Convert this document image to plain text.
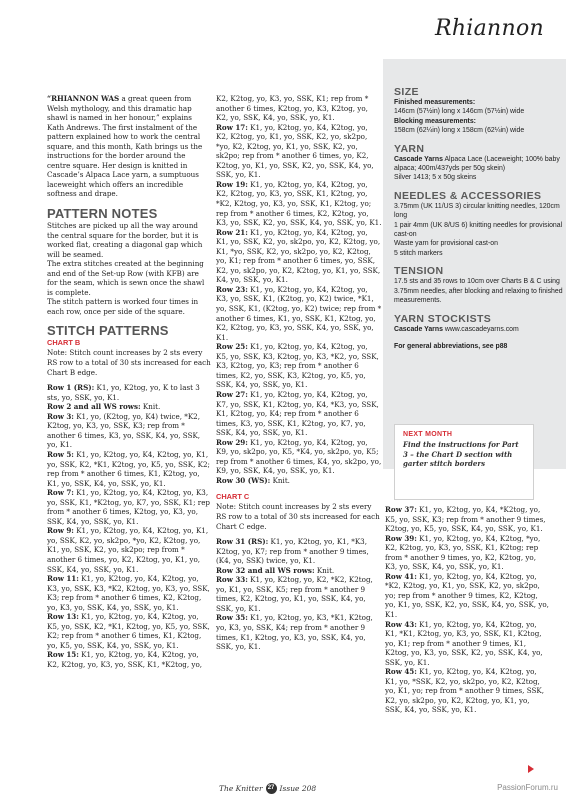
Rhiannon

“RHIANNON WAS a great queen from Welsh mythology, and this dramatic hap shawl is named in her honour,” explains Kath Andrews. The first instalment of the pattern explained how to work the central square, and this month, Kath brings us the instructions for the border around the centre square. Her design is knitted in Cascade’s Alpaca Lace yarn, a sumptuous laceweight which offers an incredible softness and drape.

PATTERN NOTES

Stitches are picked up all the way around the central square for the border, but it is worked flat, creating a diagonal gap which will be seamed.

The extra stitches created at the beginning and end of the Set-up Row (with KFB) are for the seam, which is sewn once the shawl is complete.

The stitch pattern is worked four times in each row, once per side of the square.

STITCH PATTERNS
CHART B

Note: Stitch count increases by 2 sts every RS row to a total of 30 sts increased for each Chart B edge.

Row 1 (RS): K1, yo, K2tog, yo, K to last 3 sts, yo, SSK, yo, K1.

Row 2 and all WS rows: Knit.

Row 3: K1, yo, (K2tog, yo, K4) twice, *K2, K2tog, yo, K3, yo, SSK, K3; rep from * another 6 times, K3, yo, SSK, K4, yo, SSK, yo, K1.

Row 5: K1, yo, K2tog, yo, K4, K2tog, yo, K1, yo, SSK, K2, *K1, K2tog, yo, K5, yo, SSK, K2; rep from * another 6 times, K1, K2tog, yo, K1, yo, SSK, K4, yo, SSK, yo, K1.

Row 7: K1, yo, K2tog, yo, K4, K2tog, yo, K3, yo, SSK, K1, *K2tog, yo, K7, yo, SSK, K1; rep from * another 6 times, K2tog, yo, K3, yo, SSK, K4, yo, SSK, yo, K1.

Row 9: K1, yo, K2tog, yo, K4, K2tog, yo, K1, yo, SSK, K2, yo, sk2po, *yo, K2, K2tog, yo, K1, yo, SSK, K2, yo, sk2po; rep from * another 6 times, yo, K2, K2tog, yo, K1, yo, SSK, K4, yo, SSK, yo, K1.

Row 11: K1, yo, K2tog, yo, K4, K2tog, yo, K3, yo, SSK, K3, *K2, K2tog, yo, K3, yo, SSK, K3; rep from * another 6 times, K2, K2tog, yo, K3, yo, SSK, K4, yo, SSK, yo, K1.

Row 13: K1, yo, K2tog, yo, K4, K2tog, yo, K5, yo, SSK, K2, *K1, K2tog, yo, K5, yo, SSK, K2; rep from * another 6 times, K1, K2tog, yo, K5, yo, SSK, K4, yo, SSK, yo, K1.

Row 15: K1, yo, K2tog, yo, K4, K2tog, yo, K2, K2tog, yo, K3, yo, SSK, K1, *K2tog, yo,

K2, K2tog, yo, K3, yo, SSK, K1; rep from * another 6 times, K2tog, yo, K3, K2tog, yo, K2, yo, SSK, K4, yo, SSK, yo, K1.

Row 17: K1, yo, K2tog, yo, K4, K2tog, yo, K2, K2tog, yo, K1, yo, SSK, K2, yo, sk2po, *yo, K2, K2tog, yo, K1, yo, SSK, K2, yo, sk2po; rep from * another 6 times, yo, K2, K2tog, yo, K1, yo, SSK, K2, yo, SSK, K4, yo, SSK, yo, K1.

Row 19: K1, yo, K2tog, yo, K4, K2tog, yo, K2, K2tog, yo, K3, yo, SSK, K1, K2tog, yo, *K2, K2tog, yo, K3, yo, SSK, K1, K2tog, yo; rep from * another 6 times, K2, K2tog, yo, K3, yo, SSK, K2, yo, SSK, K4, yo, SSK, yo, K1.

Row 21: K1, yo, K2tog, yo, K4, K2tog, yo, K1, yo, SSK, K2, yo, sk2po, yo, K2, K2tog, yo, K1, *yo, SSK, K2, yo, sk2po, yo, K2, K2tog, yo, K1; rep from * another 6 times, yo, SSK, K2, yo, sk2po, yo, K2, K2tog, yo, K1, yo, SSK, K4, yo, SSK, yo, K1.

Row 23: K1, yo, K2tog, yo, K4, K2tog, yo, K3, yo, SSK, K1, (K2tog, yo, K2) twice, *K1, yo, SSK, K1, (K2tog, yo, K2) twice; rep from * another 6 times, K1, yo, SSK, K1, K2tog, yo, K2, K2tog, yo, K3, yo, SSK, K4, yo, SSK, yo, K1.

Row 25: K1, yo, K2tog, yo, K4, K2tog, yo, K5, yo, SSK, K3, K2tog, yo, K3, *K2, yo, SSK, K3, K2tog, yo, K3; rep from * another 6 times, K2, yo, SSK, K3, K2tog, yo, K5, yo, SSK, K4, yo, SSK, yo, K1.

Row 27: K1, yo, K2tog, yo, K4, K2tog, yo, K7, yo, SSK, K1, K2tog, yo, K4, *K3, yo, SSK, K1, K2tog, yo, K4; rep from * another 6 times, K3, yo, SSK, K1, K2tog, yo, K7, yo, SSK, K4, yo, SSK, yo, K1.

Row 29: K1, yo, K2tog, yo, K4, K2tog, yo, K9, yo, sk2po, yo, K5, *K4, yo, sk2po, yo, K5; rep from * another 6 times, K4, yo, sk2po, yo, K9, yo, SSK, K4, yo, SSK, yo, K1.

Row 30 (WS): Knit.

CHART C

Note: Stitch count increases by 2 sts every RS row to a total of 30 sts increased for each Chart C edge.

Row 31 (RS): K1, yo, K2tog, yo, K1, *K3, K2tog, yo, K7; rep from * another 9 times, (K4, yo, SSK) twice, yo, K1.

Row 32 and all WS rows: Knit.

Row 33: K1, yo, K2tog, yo, K2, *K2, K2tog, yo, K1, yo, SSK, K5; rep from * another 9 times, K2, K2tog, yo, K1, yo, SSK, K4, yo, SSK, yo, K1.

Row 35: K1, yo, K2tog, yo, K3, *K1, K2tog, yo, K3, yo, SSK, K4; rep from * another 9 times, K1, K2tog, yo, K3, yo, SSK, K4, yo, SSK, yo, K1.

SIZE
Finished measurements:
146cm (57½in) long x 146cm (57½in) wide
Blocking measurements:
158cm (62¼in) long x 158cm (62¼in) wide
YARN
Cascade Yarns Alpaca Lace (Laceweight; 100% baby alpaca; 400m/437yds per 50g skein)
Silver 1413; 5 x 50g skeins
NEEDLES & ACCESSORIES
3.75mm (UK 11/US 3) circular knitting needles, 120cm long
1 pair 4mm (UK 8/US 6) knitting needles for provisional cast-on
Waste yarn for provisional cast-on
5 stitch markers
TENSION
17.5 sts and 35 rows to 10cm over Charts B & C using 3.75mm needles, after blocking and relaxing to finished measurements.
YARN STOCKISTS
Cascade Yarns www.cascadeyarns.com
For general abbreviations, see p88
NEXT MONTH
Find the instructions for Part 3 – the Chart D section with garter stitch borders

Row 37: K1, yo, K2tog, yo, K4, *K2tog, yo, K5, yo, SSK, K3; rep from * another 9 times, K2tog, yo, K5, yo, SSK, K4, yo, SSK, yo, K1.

Row 39: K1, yo, K2tog, yo, K4, K2tog, *yo, K2, K2tog, yo, K3, yo, SSK, K1, K2tog; rep from * another 9 times, yo, K2, K2tog, yo, K3, yo, SSK, K4, yo, SSK, yo, K1.

Row 41: K1, yo, K2tog, yo, K4, K2tog, yo, *K2, K2tog, yo, K1, yo, SSK, K2, yo, sk2po, yo; rep from * another 9 times, K2, K2tog, yo, K1, yo, SSK, K2, yo, SSK, K4, yo, SSK, yo, K1.

Row 43: K1, yo, K2tog, yo, K4, K2tog, yo, K1, *K1, K2tog, yo, K3, yo, SSK, K1, K2tog, yo, K1; rep from * another 9 times, K1, K2tog, yo, K3, yo, SSK, K2, yo, SSK, K4, yo, SSK, yo, K1.

Row 45: K1, yo, K2tog, yo, K4, K2tog, yo, K1, yo, *SSK, K2, yo, sk2po, yo, K2, K2tog, yo, K1, yo; rep from * another 9 times, SSK, K2, yo, sk2po, yo, K2, K2tog, yo, K1, yo, SSK, K4, yo, SSK, yo, K1.

The Knitter 27 Issue 208	PassionForum.ru
